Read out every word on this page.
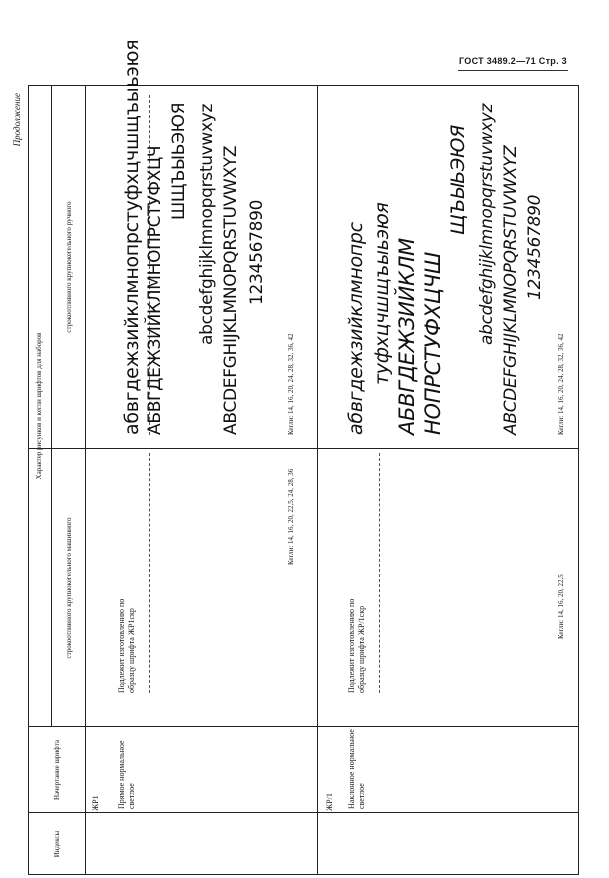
ГОСТ 3489.2—71 Стр. 3
Продолжение
Индексы
Начертание шрифта
Характер рисунков и кегли шрифтов для наборов
строкоотливного крупнокегельного машинного
строкоотливного крупнокегельного ручного
ЖР1 Прямое нормальное светлое
Подлежит изготовлению по образцу шрифта ЖР1скр
Кегли: 14, 16, 20, 22,5, 24, 28, 36
абвгдежзийклмнопрстуфхцчшщъыьэюя АБВГДЕЖЗИЙКЛМНОПРСТУФХЦЧ ШЩЪЫЬЭЮЯ abcdefghijklmnopqrstuvwxyz ABCDEFGHIJKLMNOPQRSTUVWXYZ 1234567890
Кегли: 14, 16, 20, 24, 28, 32, 36, 42
ЖР/1 Наклонное нормальное светлое
Подлежит изготовлению по образцу шрифта ЖР/1скр	Кегли: 14, 16, 20, 22,5
абвгдежзийклмнопрс туфхцчшщъыьэюя АБВГДЕЖЗИЙКЛМ НОПРСТУФХЦЧШ
ЩЪЫЬЭЮЯ abcdefghijklmnopqrstuvwxyz ABCDEFGHIJKLMNOPQRSTUVWXYZ 1234567890
Кегли: 14, 16, 20, 24, 28, 32, 36, 42
